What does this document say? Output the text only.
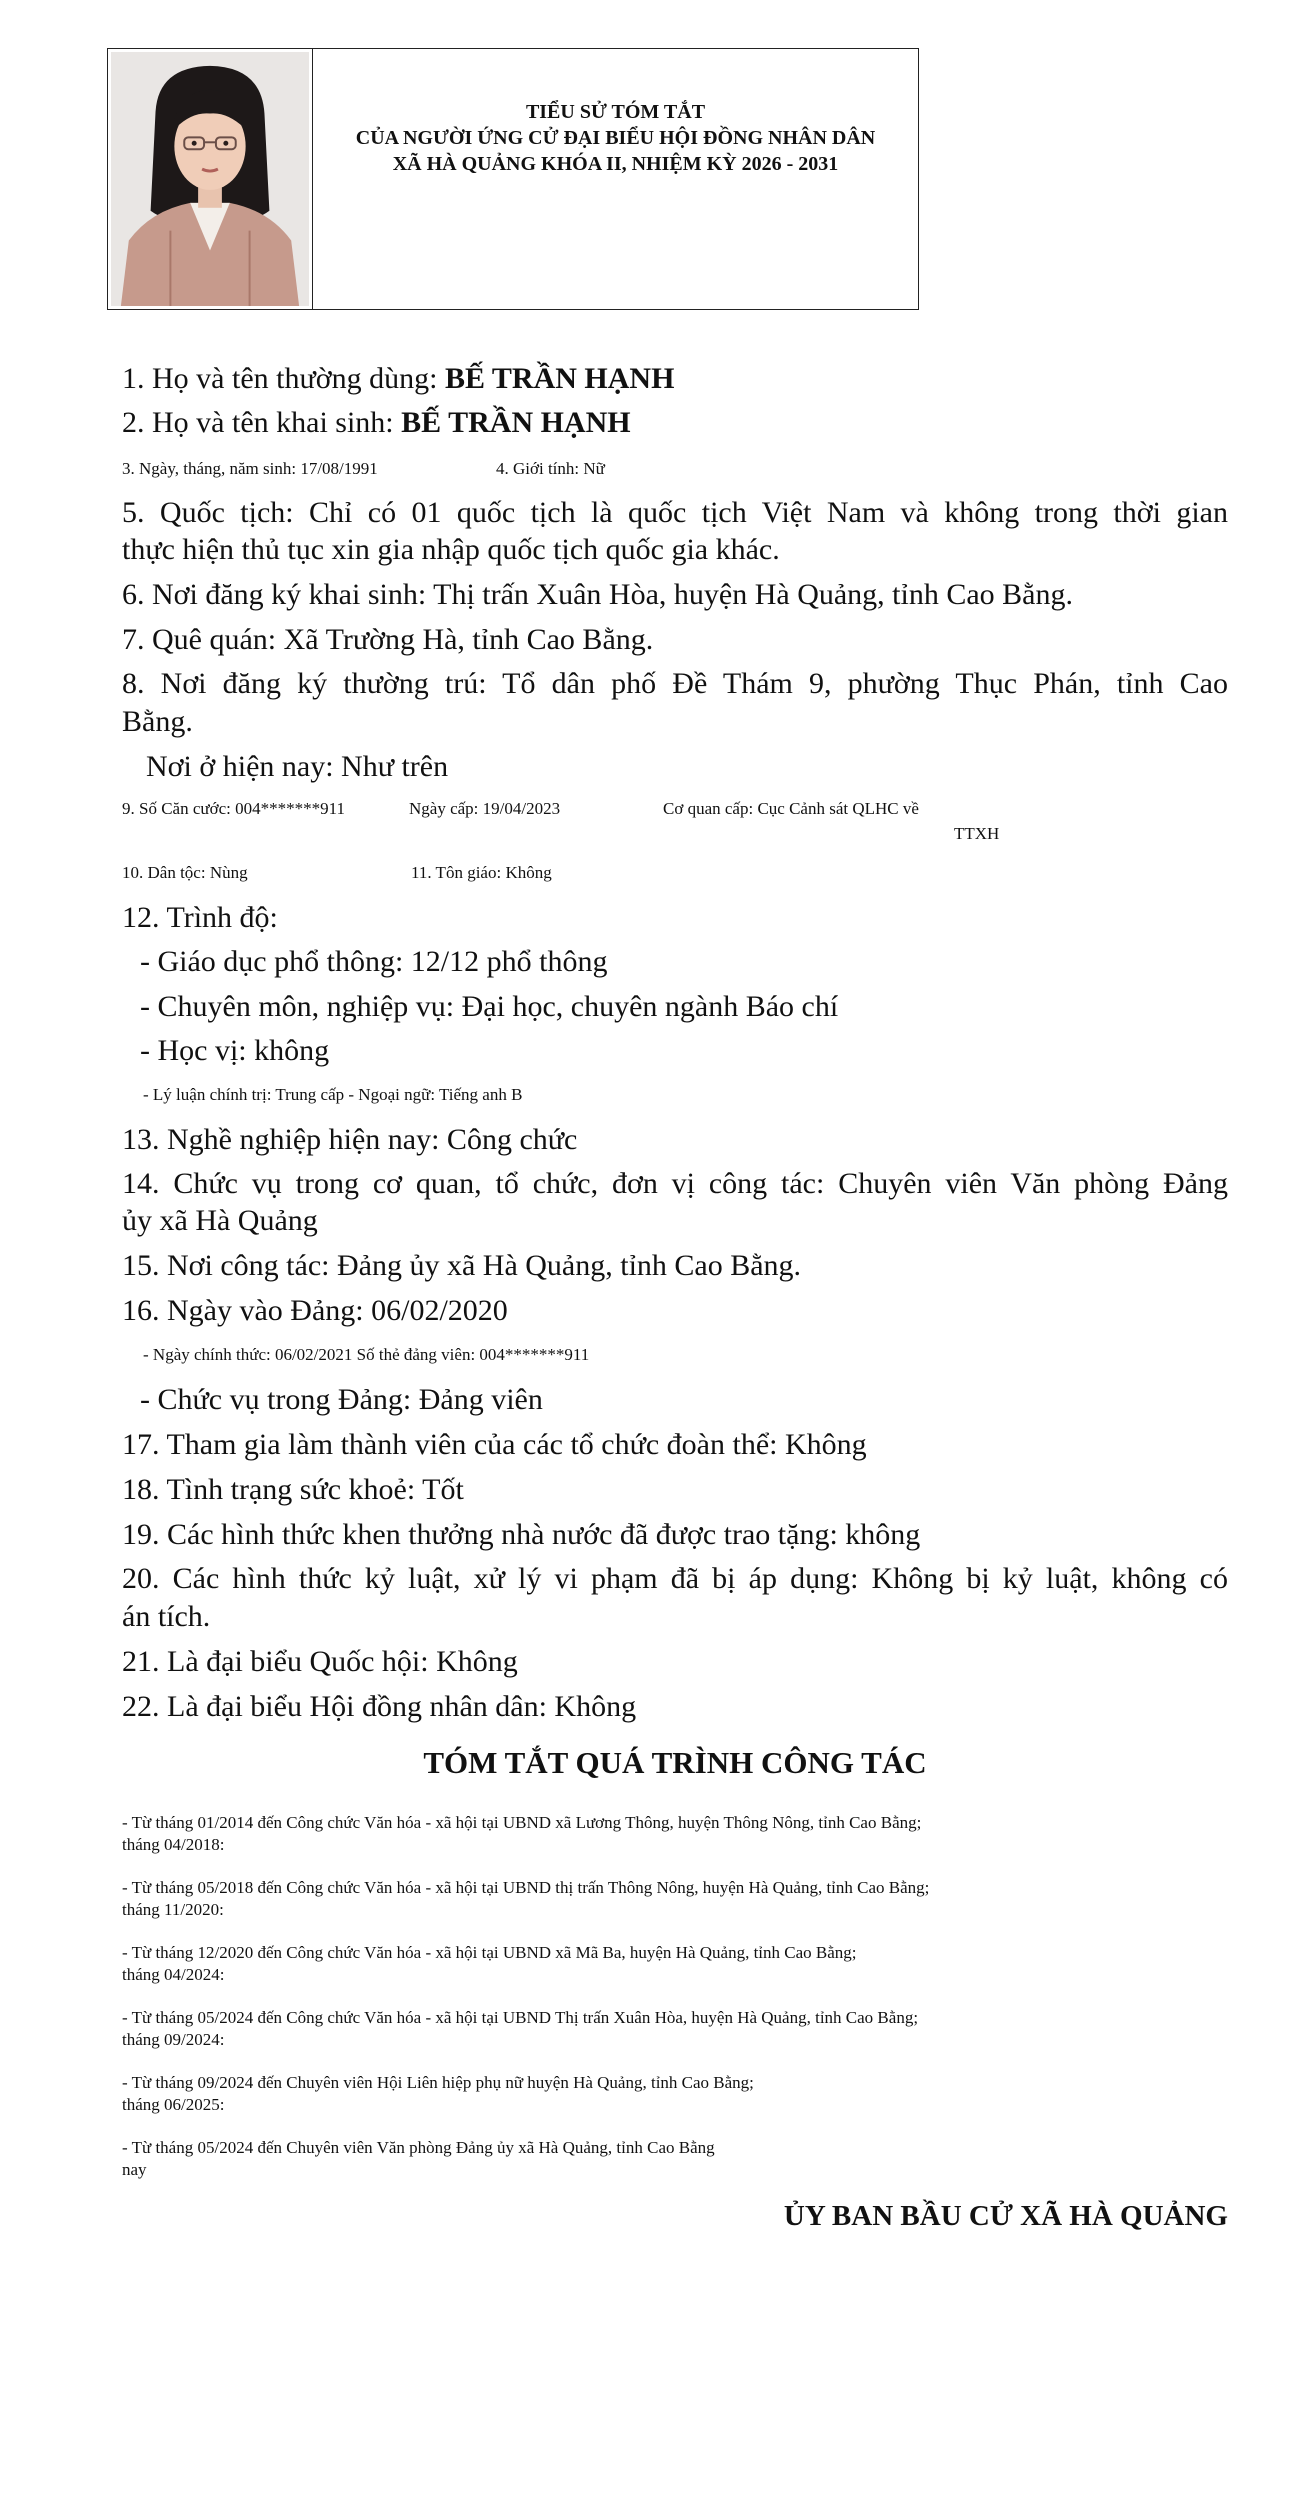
TIỂU SỬ TÓM TẮT
CỦA NGƯỜI ỨNG CỬ ĐẠI BIỂU HỘI ĐỒNG NHÂN DÂN
XÃ HÀ QUẢNG KHÓA II, NHIỆM KỲ 2026 - 2031
1. Họ và tên thường dùng: BẾ TRẦN HẠNH
2. Họ và tên khai sinh: BẾ TRẦN HẠNH
3. Ngày, tháng, năm sinh: 17/08/1991	4. Giới tính: Nữ
5. Quốc tịch: Chỉ có 01 quốc tịch là quốc tịch Việt Nam và không trong thời gian
thực hiện thủ tục xin gia nhập quốc tịch quốc gia khác.
6. Nơi đăng ký khai sinh: Thị trấn Xuân Hòa, huyện Hà Quảng, tỉnh Cao Bằng.
7. Quê quán: Xã Trường Hà, tỉnh Cao Bằng.
8. Nơi đăng ký thường trú: Tổ dân phố Đề Thám 9, phường Thục Phán, tỉnh Cao
Bằng.
Nơi ở hiện nay: Như trên
9. Số Căn cước: 004*******911	Ngày cấp: 19/04/2023	Cơ quan cấp: Cục Cảnh sát QLHC về
TTXH
10. Dân tộc: Nùng	11. Tôn giáo: Không
12. Trình độ:
- Giáo dục phổ thông: 12/12 phổ thông
- Chuyên môn, nghiệp vụ: Đại học, chuyên ngành Báo chí
- Học vị: không
- Lý luận chính trị: Trung cấp - Ngoại ngữ: Tiếng anh B
13. Nghề nghiệp hiện nay: Công chức
14. Chức vụ trong cơ quan, tổ chức, đơn vị công tác: Chuyên viên Văn phòng Đảng
ủy xã Hà Quảng
15. Nơi công tác: Đảng ủy xã Hà Quảng, tỉnh Cao Bằng.
16. Ngày vào Đảng: 06/02/2020
- Ngày chính thức: 06/02/2021 Số thẻ đảng viên: 004*******911
- Chức vụ trong Đảng: Đảng viên
17. Tham gia làm thành viên của các tổ chức đoàn thể: Không
18. Tình trạng sức khoẻ: Tốt
19. Các hình thức khen thưởng nhà nước đã được trao tặng: không
20. Các hình thức kỷ luật, xử lý vi phạm đã bị áp dụng: Không bị kỷ luật, không có
án tích.
21. Là đại biểu Quốc hội: Không
22. Là đại biểu Hội đồng nhân dân: Không
TÓM TẮT QUÁ TRÌNH CÔNG TÁC
- Từ tháng 01/2014 đến Công chức Văn hóa - xã hội tại UBND xã Lương Thông, huyện Thông Nông, tỉnh Cao Bằng;
tháng 04/2018:
- Từ tháng 05/2018 đến Công chức Văn hóa - xã hội tại UBND thị trấn Thông Nông, huyện Hà Quảng, tỉnh Cao Bằng;
tháng 11/2020:
- Từ tháng 12/2020 đến Công chức Văn hóa - xã hội tại UBND xã Mã Ba, huyện Hà Quảng, tỉnh Cao Bằng;
tháng 04/2024:
- Từ tháng 05/2024 đến Công chức Văn hóa - xã hội tại UBND Thị trấn Xuân Hòa, huyện Hà Quảng, tỉnh Cao Bằng;
tháng 09/2024:
- Từ tháng 09/2024 đến Chuyên viên Hội Liên hiệp phụ nữ huyện Hà Quảng, tỉnh Cao Bằng;
tháng 06/2025:
- Từ tháng 05/2024 đến Chuyên viên Văn phòng Đảng ủy xã Hà Quảng, tỉnh Cao Bằng
nay
ỦY BAN BẦU CỬ XÃ HÀ QUẢNG
